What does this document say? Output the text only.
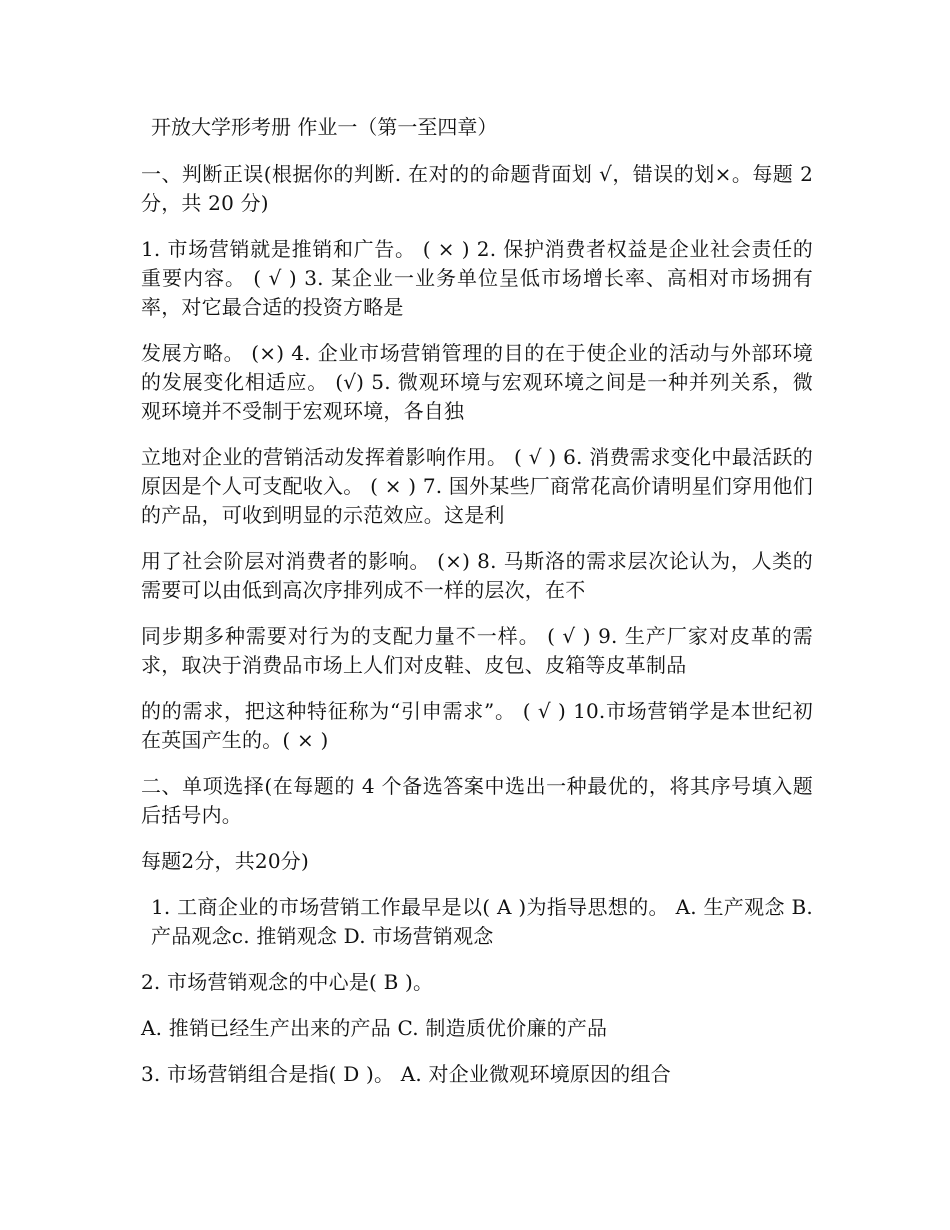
开放大学形考册 作业一（第一至四章）

一、判断正误(根据你的判断. 在对的的命题背面划 √，错误的划×。每题 2 分，共 20 分)

1. 市场营销就是推销和广告。 ( × ) 2. 保护消费者权益是企业社会责任的重要内容。 ( √ ) 3. 某企业一业务单位呈低市场增长率、高相对市场拥有率，对它最合适的投资方略是

发展方略。 (×) 4. 企业市场营销管理的目的在于使企业的活动与外部环境的发展变化相适应。 (√) 5. 微观环境与宏观环境之间是一种并列关系，微观环境并不受制于宏观环境，各自独

立地对企业的营销活动发挥着影响作用。 ( √ ) 6. 消费需求变化中最活跃的原因是个人可支配收入。 ( × ) 7. 国外某些厂商常花高价请明星们穿用他们的产品，可收到明显的示范效应。这是利

用了社会阶层对消费者的影响。 (×) 8. 马斯洛的需求层次论认为，人类的需要可以由低到高次序排列成不一样的层次，在不

同步期多种需要对行为的支配力量不一样。 ( √ ) 9. 生产厂家对皮革的需求，取决于消费品市场上人们对皮鞋、皮包、皮箱等皮革制品

的的需求，把这种特征称为“引申需求”。 ( √ ) 10.市场营销学是本世纪初在英国产生的。( × )

二、单项选择(在每题的 4 个备选答案中选出一种最优的，将其序号填入题后括号内。

每题2分，共20分)

1. 工商企业的市场营销工作最早是以( A )为指导思想的。 A. 生产观念 B. 产品观念c. 推销观念 D. 市场营销观念

2. 市场营销观念的中心是( B )。

A. 推销已经生产出来的产品 C. 制造质优价廉的产品

3. 市场营销组合是指( D )。 A. 对企业微观环境原因的组合
